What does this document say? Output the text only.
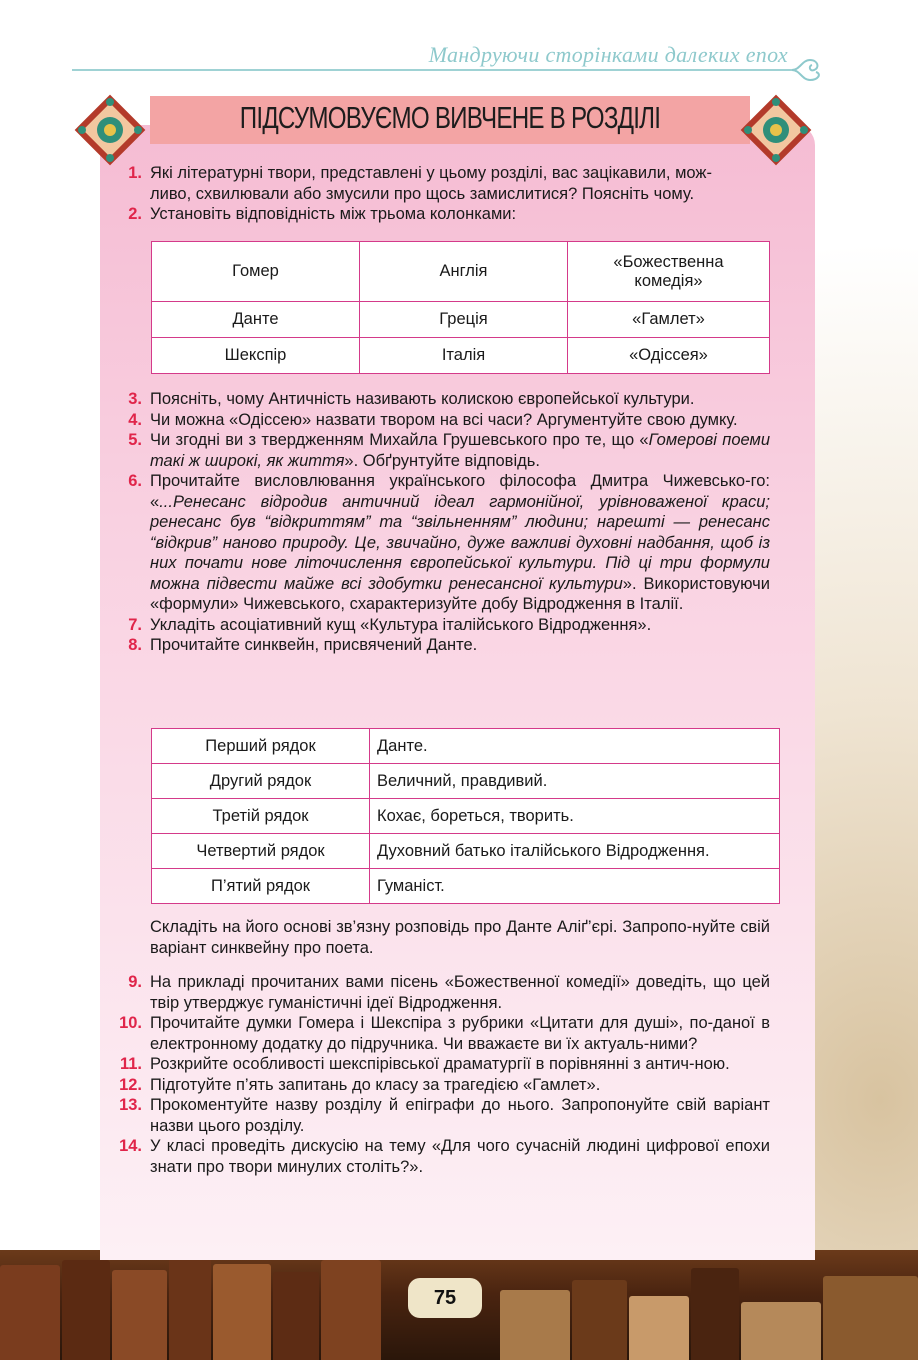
Мандруючи сторінками далеких епох
ПІДСУМОВУЄМО ВИВЧЕНЕ В РОЗДІЛІ
1. Які літературні твори, представлені у цьому розділі, вас зацікавили, мож-
ливо, схвилювали або змусили про щось замислитися? Поясніть чому.
2. Установіть відповідність між трьома колонками:
Гомер	Англія	«Божественна комедія»
Данте	Греція	«Гамлет»
Шекспір	Італія	«Одіссея»
3. Поясніть, чому Античність називають колискою європейської культури.
4. Чи можна «Одіссею» назвати твором на всі часи? Аргументуйте свою думку.
5. Чи згодні ви з твердженням Михайла Грушевського про те, що «Гомерові поеми такі ж широкі, як життя». Обґрунтуйте відповідь.
6. Прочитайте висловлювання українського філософа Дмитра Чижевсько-го: «...Ренесанс відродив античний ідеал гармонійної, урівноваженої краси; ренесанс був “відкриттям” та “звільненням” людини; нарешті — ренесанс “відкрив” наново природу. Це, звичайно, дуже важливі духовні надбання, щоб із них почати нове літочислення європейської культури. Під ці три формули можна підвести майже всі здобутки ренесансної культури». Використовуючи «формули» Чижевського, схарактеризуйте добу Відродження в Італії.
7. Укладіть асоціативний кущ «Культура італійського Відродження».
8. Прочитайте синквейн, присвячений Данте.
Перший рядок	Данте.
Другий рядок	Величний, правдивий.
Третій рядок	Кохає, бореться, творить.
Четвертий рядок	Духовний батько італійського Відродження.
П’ятий рядок	Гуманіст.
Складіть на його основі зв’язну розповідь про Данте Аліґ’єрі. Запропо-нуйте свій варіант синквейну про поета.
9. На прикладі прочитаних вами пісень «Божественної комедії» доведіть, що цей твір утверджує гуманістичні ідеї Відродження.
10. Прочитайте думки Гомера і Шекспіра з рубрики «Цитати для душі», по-даної в електронному додатку до підручника. Чи вважаєте ви їх актуаль-ними?
11. Розкрийте особливості шекспірівської драматургії в порівнянні з антич-ною.
12. Підготуйте п’ять запитань до класу за трагедією «Гамлет».
13. Прокоментуйте назву розділу й епіграфи до нього. Запропонуйте свій варіант назви цього розділу.
14. У класі проведіть дискусію на тему «Для чого сучасній людині цифрової епохи знати про твори минулих століть?».
75
